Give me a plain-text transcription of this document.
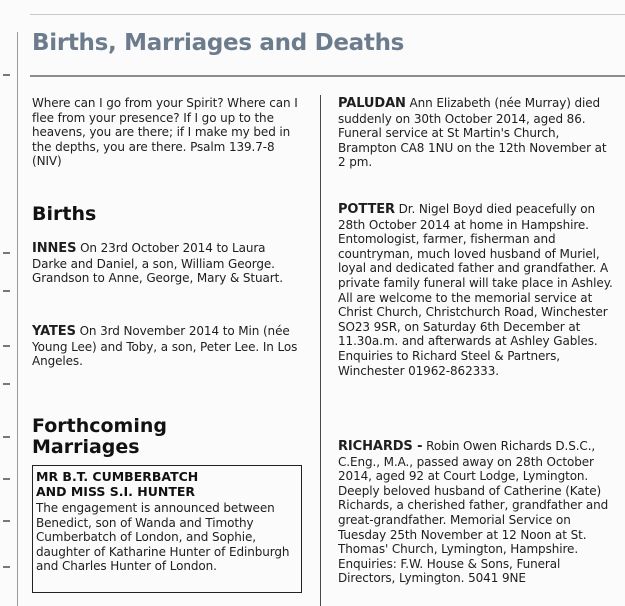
Births, Marriages and Deaths

Where can I go from your Spirit? Where can I flee from your presence? If I go up to the heavens, you are there; if I make my bed in the depths, you are there. Psalm 139.7-8 (NIV)

Births

INNES On 23rd October 2014 to Laura Darke and Daniel, a son, William George. Grandson to Anne, George, Mary & Stuart.

YATES On 3rd November 2014 to Min (née Young Lee) and Toby, a son, Peter Lee. In Los Angeles.

Forthcoming
Marriages

MR B.T. CUMBERBATCH
AND MISS S.I. HUNTER

The engagement is announced between Benedict, son of Wanda and Timothy Cumberbatch of London, and Sophie, daughter of Katharine Hunter of Edinburgh and Charles Hunter of London.

PALUDAN Ann Elizabeth (née Murray) died suddenly on 30th October 2014, aged 86. Funeral service at St Martin's Church, Brampton CA8 1NU on the 12th November at 2 pm.

POTTER Dr. Nigel Boyd died peacefully on 28th October 2014 at home in Hampshire. Entomologist, farmer, fisherman and countryman, much loved husband of Muriel, loyal and dedicated father and grandfather. A private family funeral will take place in Ashley. All are welcome to the memorial service at Christ Church, Christchurch Road, Winchester SO23 9SR, on Saturday 6th December at 11.30a.m. and afterwards at Ashley Gables. Enquiries to Richard Steel & Partners, Winchester 01962-862333.

RICHARDS - Robin Owen Richards D.S.C., C.Eng., M.A., passed away on 28th October 2014, aged 92 at Court Lodge, Lymington. Deeply beloved husband of Catherine (Kate) Richards, a cherished father, grandfather and great-grandfather. Memorial Service on Tuesday 25th November at 12 Noon at St. Thomas' Church, Lymington, Hampshire. Enquiries: F.W. House & Sons, Funeral Directors, Lymington. 5041 9NE
